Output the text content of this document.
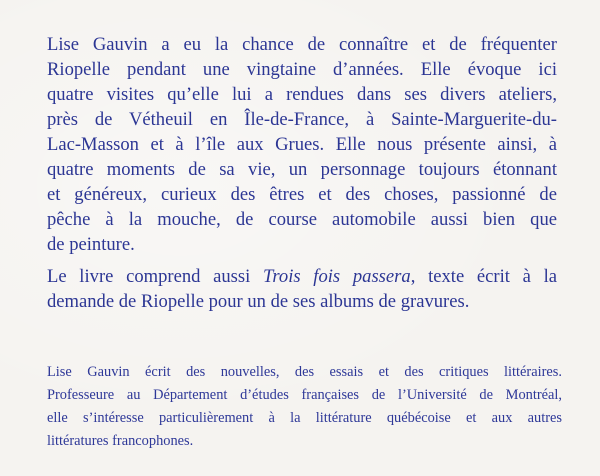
Lise Gauvin a eu la chance de connaître et de fréquenter
Riopelle pendant une vingtaine d’années. Elle évoque ici
quatre visites qu’elle lui a rendues dans ses divers ateliers,
près de Vétheuil en Île-de-France, à Sainte-Marguerite-du-
Lac-Masson et à l’île aux Grues. Elle nous présente ainsi, à
quatre moments de sa vie, un personnage toujours étonnant
et généreux, curieux des êtres et des choses, passionné de
pêche à la mouche, de course automobile aussi bien que
de peinture.

Le livre comprend aussi Trois fois passera, texte écrit à la
demande de Riopelle pour un de ses albums de gravures.

Lise Gauvin écrit des nouvelles, des essais et des critiques littéraires.
Professeure au Département d’études françaises de l’Université de Montréal,
elle s’intéresse particulièrement à la littérature québécoise et aux autres
littératures francophones.
